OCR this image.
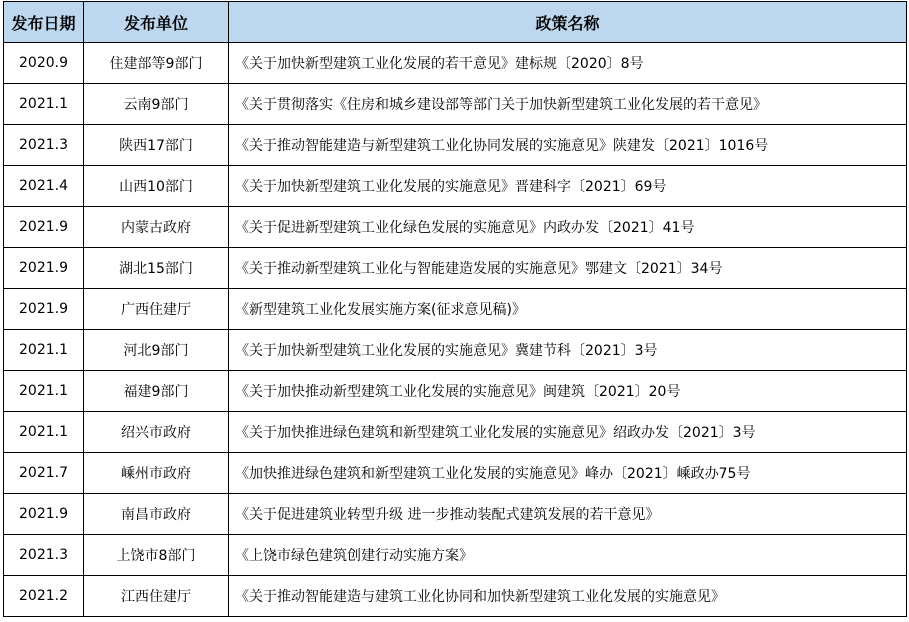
发布日期	发布单位	政策名称
2020.9	住建部等9部门	《关于加快新型建筑工业化发展的若干意见》建标规〔2020〕8号
2021.1	云南9部门	《关于贯彻落实《住房和城乡建设部等部门关于加快新型建筑工业化发展的若干意见》
2021.3	陕西17部门	《关于推动智能建造与新型建筑工业化协同发展的实施意见》陕建发〔2021〕1016号
2021.4	山西10部门	《关于加快新型建筑工业化发展的实施意见》晋建科字〔2021〕69号
2021.9	内蒙古政府	《关于促进新型建筑工业化绿色发展的实施意见》内政办发〔2021〕41号
2021.9	湖北15部门	《关于推动新型建筑工业化与智能建造发展的实施意见》鄂建文〔2021〕34号
2021.9	广西住建厅	《新型建筑工业化发展实施方案(征求意见稿)》
2021.1	河北9部门	《关于加快新型建筑工业化发展的实施意见》冀建节科〔2021〕3号
2021.1	福建9部门	《关于加快推动新型建筑工业化发展的实施意见》闽建筑〔2021〕20号
2021.1	绍兴市政府	《关于加快推进绿色建筑和新型建筑工业化发展的实施意见》绍政办发〔2021〕3号
2021.7	嵊州市政府	《加快推进绿色建筑和新型建筑工业化发展的实施意见》峰办〔2021〕嵊政办75号
2021.9	南昌市政府	《关于促进建筑业转型升级 进一步推动装配式建筑发展的若干意见》
2021.3	上饶市8部门	《上饶市绿色建筑创建行动实施方案》
2021.2	江西住建厅	《关于推动智能建造与建筑工业化协同和加快新型建筑工业化发展的实施意见》
